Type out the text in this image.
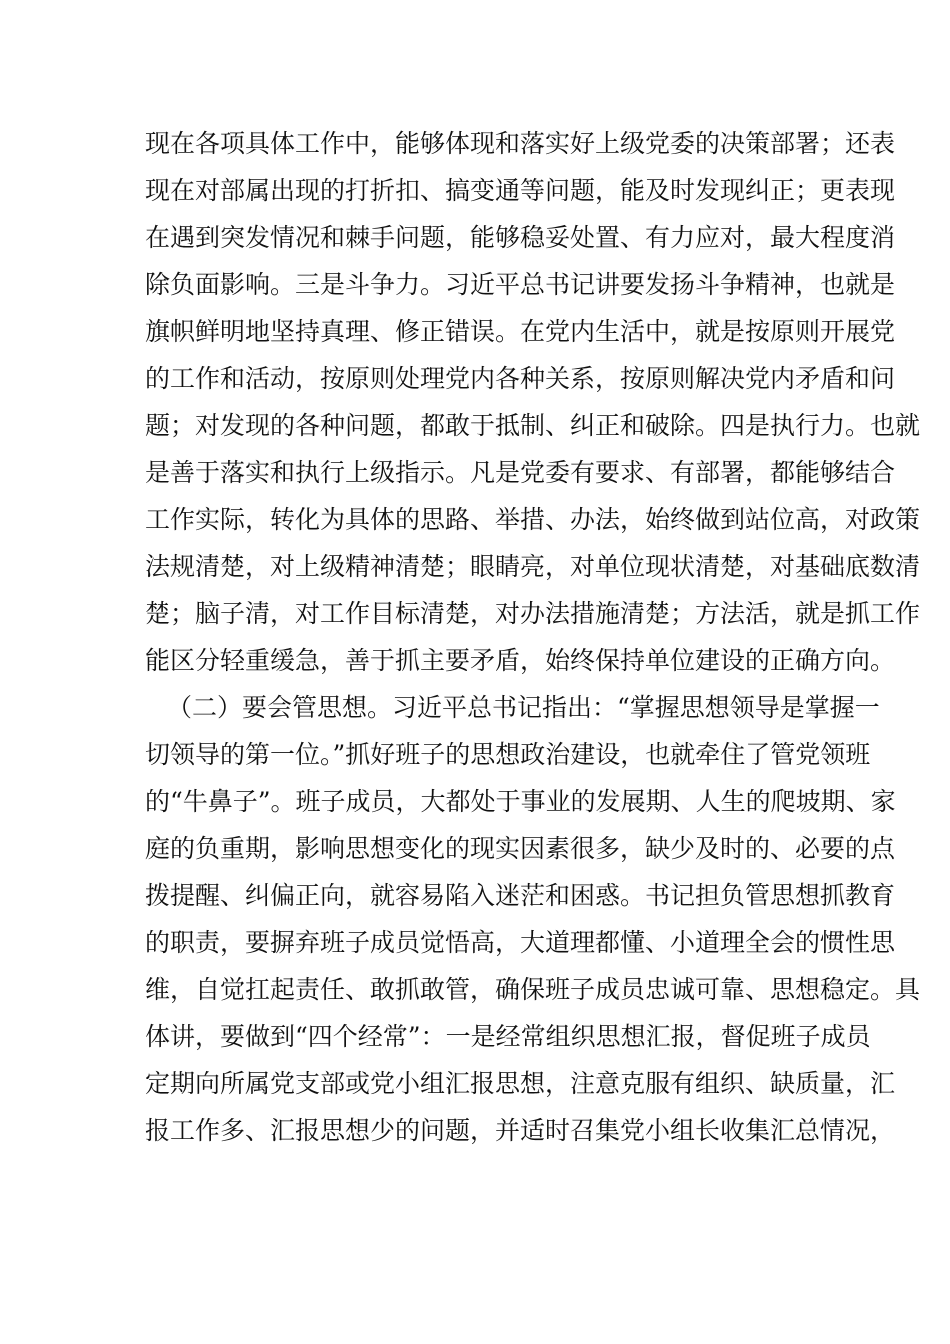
现在各项具体工作中，能够体现和落实好上级党委的决策部署；还表
现在对部属出现的打折扣、搞变通等问题，能及时发现纠正；更表现
在遇到突发情况和棘手问题，能够稳妥处置、有力应对，最大程度消
除负面影响。三是斗争力。习近平总书记讲要发扬斗争精神，也就是
旗帜鲜明地坚持真理、修正错误。在党内生活中，就是按原则开展党
的工作和活动，按原则处理党内各种关系，按原则解决党内矛盾和问
题；对发现的各种问题，都敢于抵制、纠正和破除。四是执行力。也就
是善于落实和执行上级指示。凡是党委有要求、有部署，都能够结合
工作实际，转化为具体的思路、举措、办法，始终做到站位高，对政策
法规清楚，对上级精神清楚；眼睛亮，对单位现状清楚，对基础底数清
楚；脑子清，对工作目标清楚，对办法措施清楚；方法活，就是抓工作
能区分轻重缓急，善于抓主要矛盾，始终保持单位建设的正确方向。
（二）要会管思想。习近平总书记指出：“掌握思想领导是掌握一
切领导的第一位。”抓好班子的思想政治建设，也就牵住了管党领班
的“牛鼻子”。班子成员，大都处于事业的发展期、人生的爬坡期、家
庭的负重期，影响思想变化的现实因素很多，缺少及时的、必要的点
拨提醒、纠偏正向，就容易陷入迷茫和困惑。书记担负管思想抓教育
的职责，要摒弃班子成员觉悟高，大道理都懂、小道理全会的惯性思
维，自觉扛起责任、敢抓敢管，确保班子成员忠诚可靠、思想稳定。具
体讲，要做到“四个经常”：一是经常组织思想汇报，督促班子成员
定期向所属党支部或党小组汇报思想，注意克服有组织、缺质量，汇
报工作多、汇报思想少的问题，并适时召集党小组长收集汇总情况，
